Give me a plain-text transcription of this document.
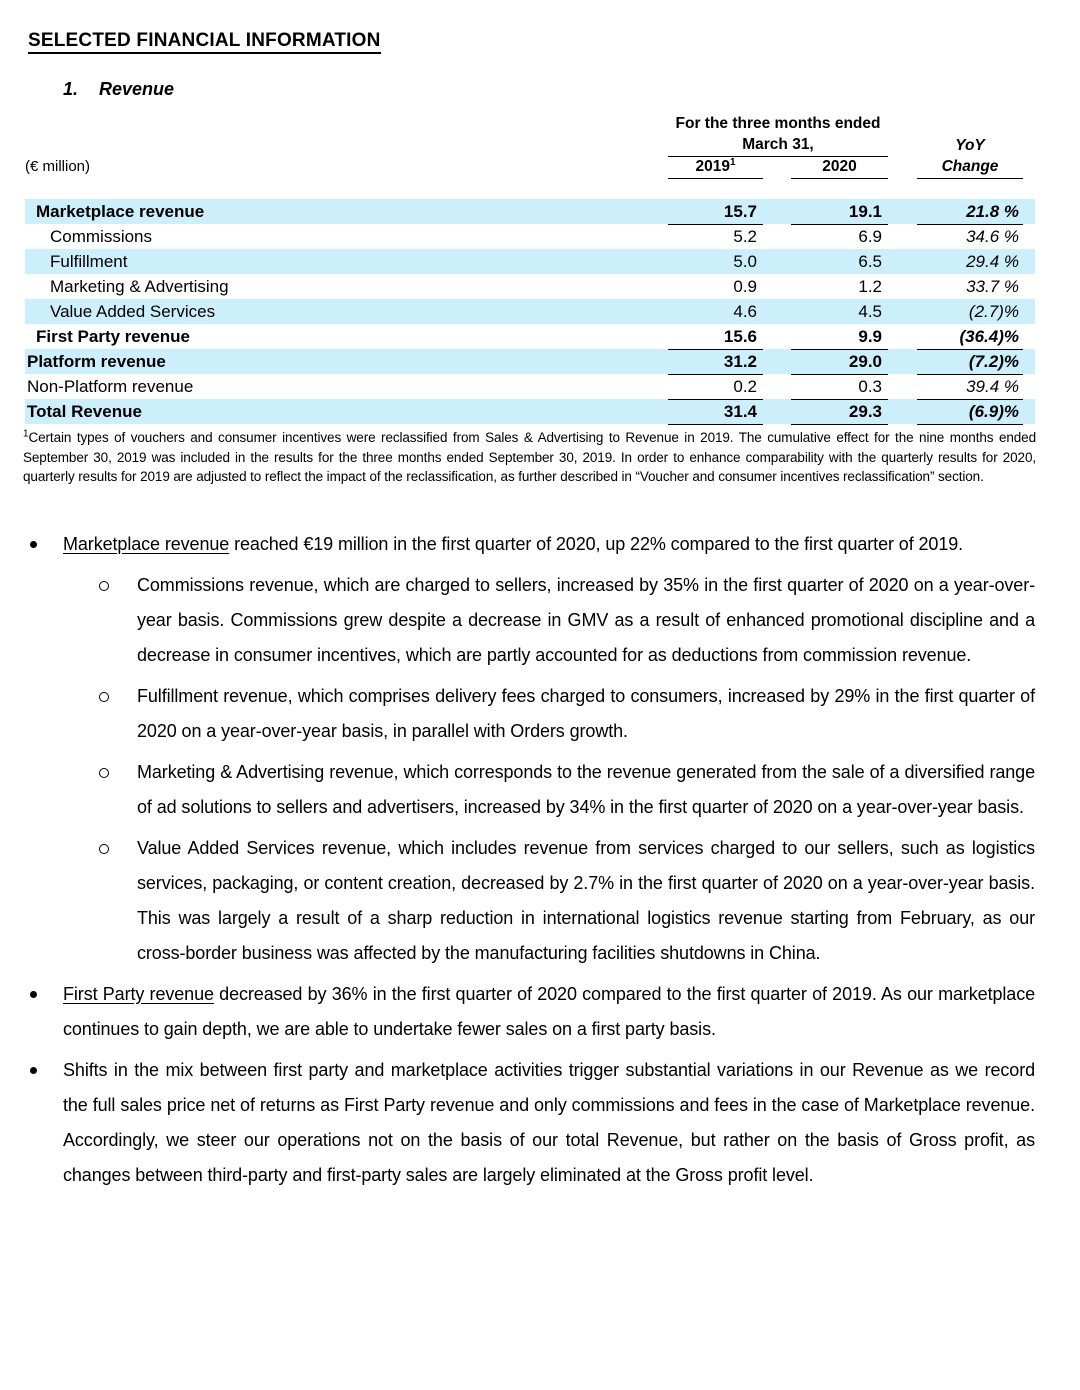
SELECTED FINANCIAL INFORMATION
1. Revenue
For the three months ended
March 31,	YoY
(€ million)	2019$^1$	2020	Change
Marketplace revenue	15.7	19.1	21.8 %
Commissions	5.2	6.9	34.6 %
Fulfillment	5.0	6.5	29.4 %
Marketing & Advertising	0.9	1.2	33.7 %
Value Added Services	4.6	4.5	(2.7)%
First Party revenue	15.6	9.9	(36.4)%
Platform revenue	31.2	29.0	(7.2)%
Non-Platform revenue	0.2	0.3	39.4 %
Total Revenue	31.4	29.3	(6.9)%
$^1$Certain types of vouchers and consumer incentives were reclassified from Sales & Advertising to Revenue in 2019. The cumulative effect for the nine months ended September 30, 2019 was included in the results for the three months ended September 30, 2019. In order to enhance comparability with the quarterly results for 2020, quarterly results for 2019 are adjusted to reflect the impact of the reclassification, as further described in “Voucher and consumer incentives reclassification” section.
Marketplace revenue reached €19 million in the first quarter of 2020, up 22% compared to the first quarter of 2019.
Commissions revenue, which are charged to sellers, increased by 35% in the first quarter of 2020 on a year-over-year basis. Commissions grew despite a decrease in GMV as a result of enhanced promotional discipline and a decrease in consumer incentives, which are partly accounted for as deductions from commission revenue.
Fulfillment revenue, which comprises delivery fees charged to consumers, increased by 29% in the first quarter of 2020 on a year-over-year basis, in parallel with Orders growth.
Marketing & Advertising revenue, which corresponds to the revenue generated from the sale of a diversified range of ad solutions to sellers and advertisers, increased by 34% in the first quarter of 2020 on a year-over-year basis.
Value Added Services revenue, which includes revenue from services charged to our sellers, such as logistics services, packaging, or content creation, decreased by 2.7% in the first quarter of 2020 on a year-over-year basis. This was largely a result of a sharp reduction in international logistics revenue starting from February, as our cross-border business was affected by the manufacturing facilities shutdowns in China.
First Party revenue decreased by 36% in the first quarter of 2020 compared to the first quarter of 2019. As our marketplace continues to gain depth, we are able to undertake fewer sales on a first party basis.
Shifts in the mix between first party and marketplace activities trigger substantial variations in our Revenue as we record the full sales price net of returns as First Party revenue and only commissions and fees in the case of Marketplace revenue. Accordingly, we steer our operations not on the basis of our total Revenue, but rather on the basis of Gross profit, as changes between third-party and first-party sales are largely eliminated at the Gross profit level.
